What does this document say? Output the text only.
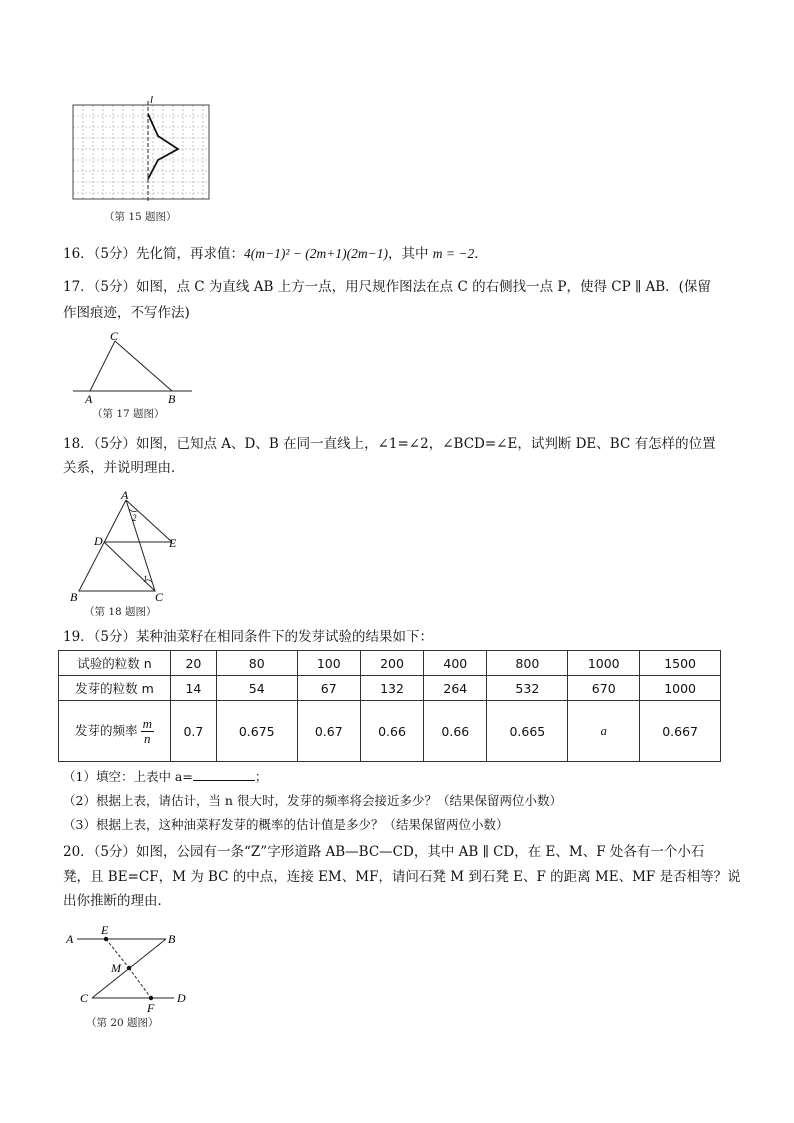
l
（第 15 题图）
16．（5分）先化简，再求值：4(m−1)² − (2m+1)(2m−1)，其中 m = −2．
17．（5分）如图，点 C 为直线 AB 上方一点，用尺规作图法在点 C 的右侧找一点 P，使得 CP ∥ AB．(保留
作图痕迹，不写作法)
C
A	B
（第 17 题图）
18．（5分）如图，已知点 A、D、B 在同一直线上，∠1=∠2，∠BCD=∠E，试判断 DE、BC 有怎样的位置
关系，并说明理由．
A
D	E
B	C
1
2
（第 18 题图）
19．（5分）某种油菜籽在相同条件下的发芽试验的结果如下：
试验的粒数 n	20	80	100	200	400	800	1000	1500
发芽的粒数 m	14	54	67	132	264	532	670	1000
发芽的频率 $\frac{m}{n}$	0.7	0.675	0.67	0.66	0.66	0.665	a	0.667
（1）填空：上表中 a=	；
（2）根据上表，请估计，当 n 很大时，发芽的频率将会接近多少？（结果保留两位小数）
（3）根据上表，这种油菜籽发芽的概率的估计值是多少？（结果保留两位小数）
20．（5分）如图，公园有一条“Z”字形道路 AB—BC—CD，其中 AB ∥ CD，在 E、M、F 处各有一个小石
凳，且 BE=CF，M 为 BC 的中点，连接 EM、MF，请问石凳 M 到石凳 E、F 的距离 ME、MF 是否相等？说
出你推断的理由．
A
E
B
M
C
F
D
（第 20 题图）
